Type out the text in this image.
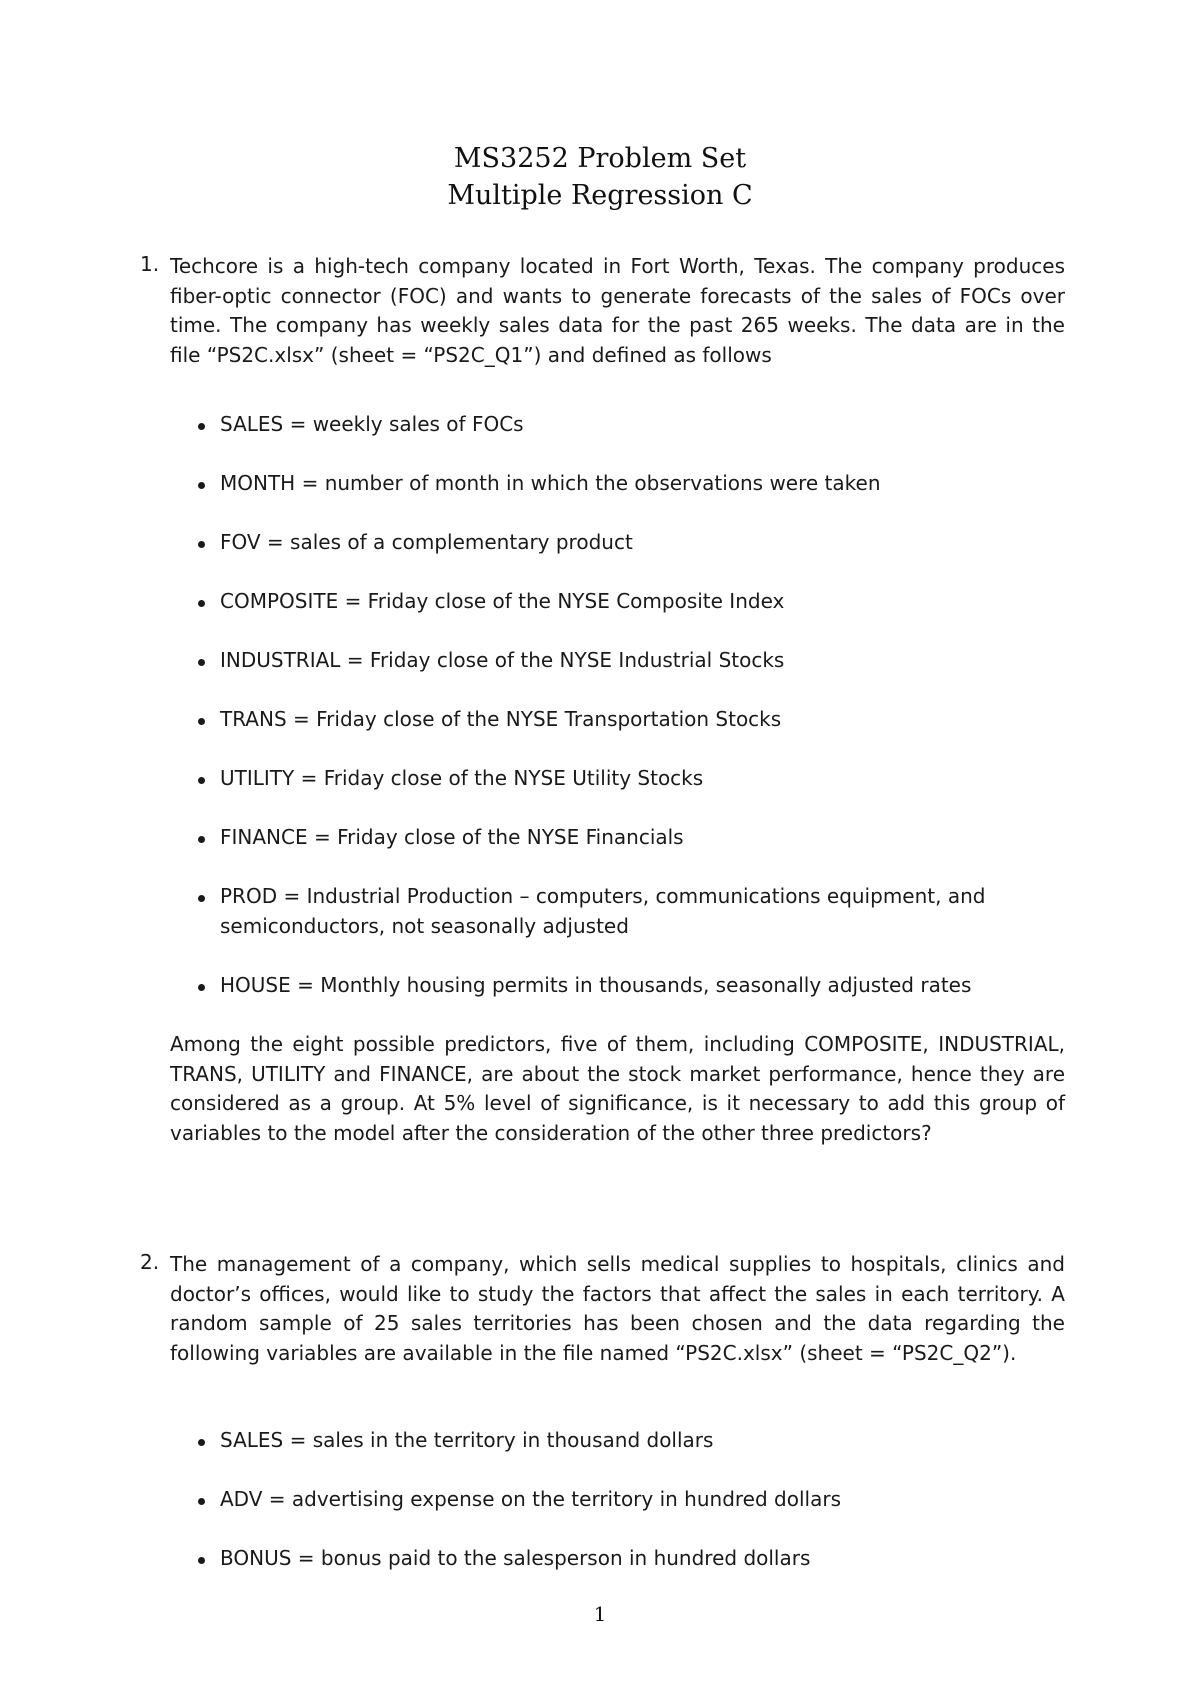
MS3252 Problem Set
Multiple Regression C
1. Techcore is a high-tech company located in Fort Worth, Texas. The company produces fiber-optic connector (FOC) and wants to generate forecasts of the sales of FOCs over time. The company has weekly sales data for the past 265 weeks. The data are in the file “PS2C.xlsx” (sheet = “PS2C_Q1”) and defined as follows

SALES = weekly sales of FOCs
MONTH = number of month in which the observations were taken
FOV = sales of a complementary product
COMPOSITE = Friday close of the NYSE Composite Index
INDUSTRIAL = Friday close of the NYSE Industrial Stocks
TRANS = Friday close of the NYSE Transportation Stocks
UTILITY = Friday close of the NYSE Utility Stocks
FINANCE = Friday close of the NYSE Financials
PROD = Industrial Production – computers, communications equipment, and semiconductors, not seasonally adjusted
HOUSE = Monthly housing permits in thousands, seasonally adjusted rates

Among the eight possible predictors, five of them, including COMPOSITE, INDUSTRIAL, TRANS, UTILITY and FINANCE, are about the stock market performance, hence they are considered as a group. At 5% level of significance, is it necessary to add this group of variables to the model after the consideration of the other three predictors?

2. The management of a company, which sells medical supplies to hospitals, clinics and doctor’s offices, would like to study the factors that affect the sales in each territory. A random sample of 25 sales territories has been chosen and the data regarding the following variables are available in the file named “PS2C.xlsx” (sheet = “PS2C_Q2”).

SALES = sales in the territory in thousand dollars
ADV = advertising expense on the territory in hundred dollars
BONUS = bonus paid to the salesperson in hundred dollars
1
